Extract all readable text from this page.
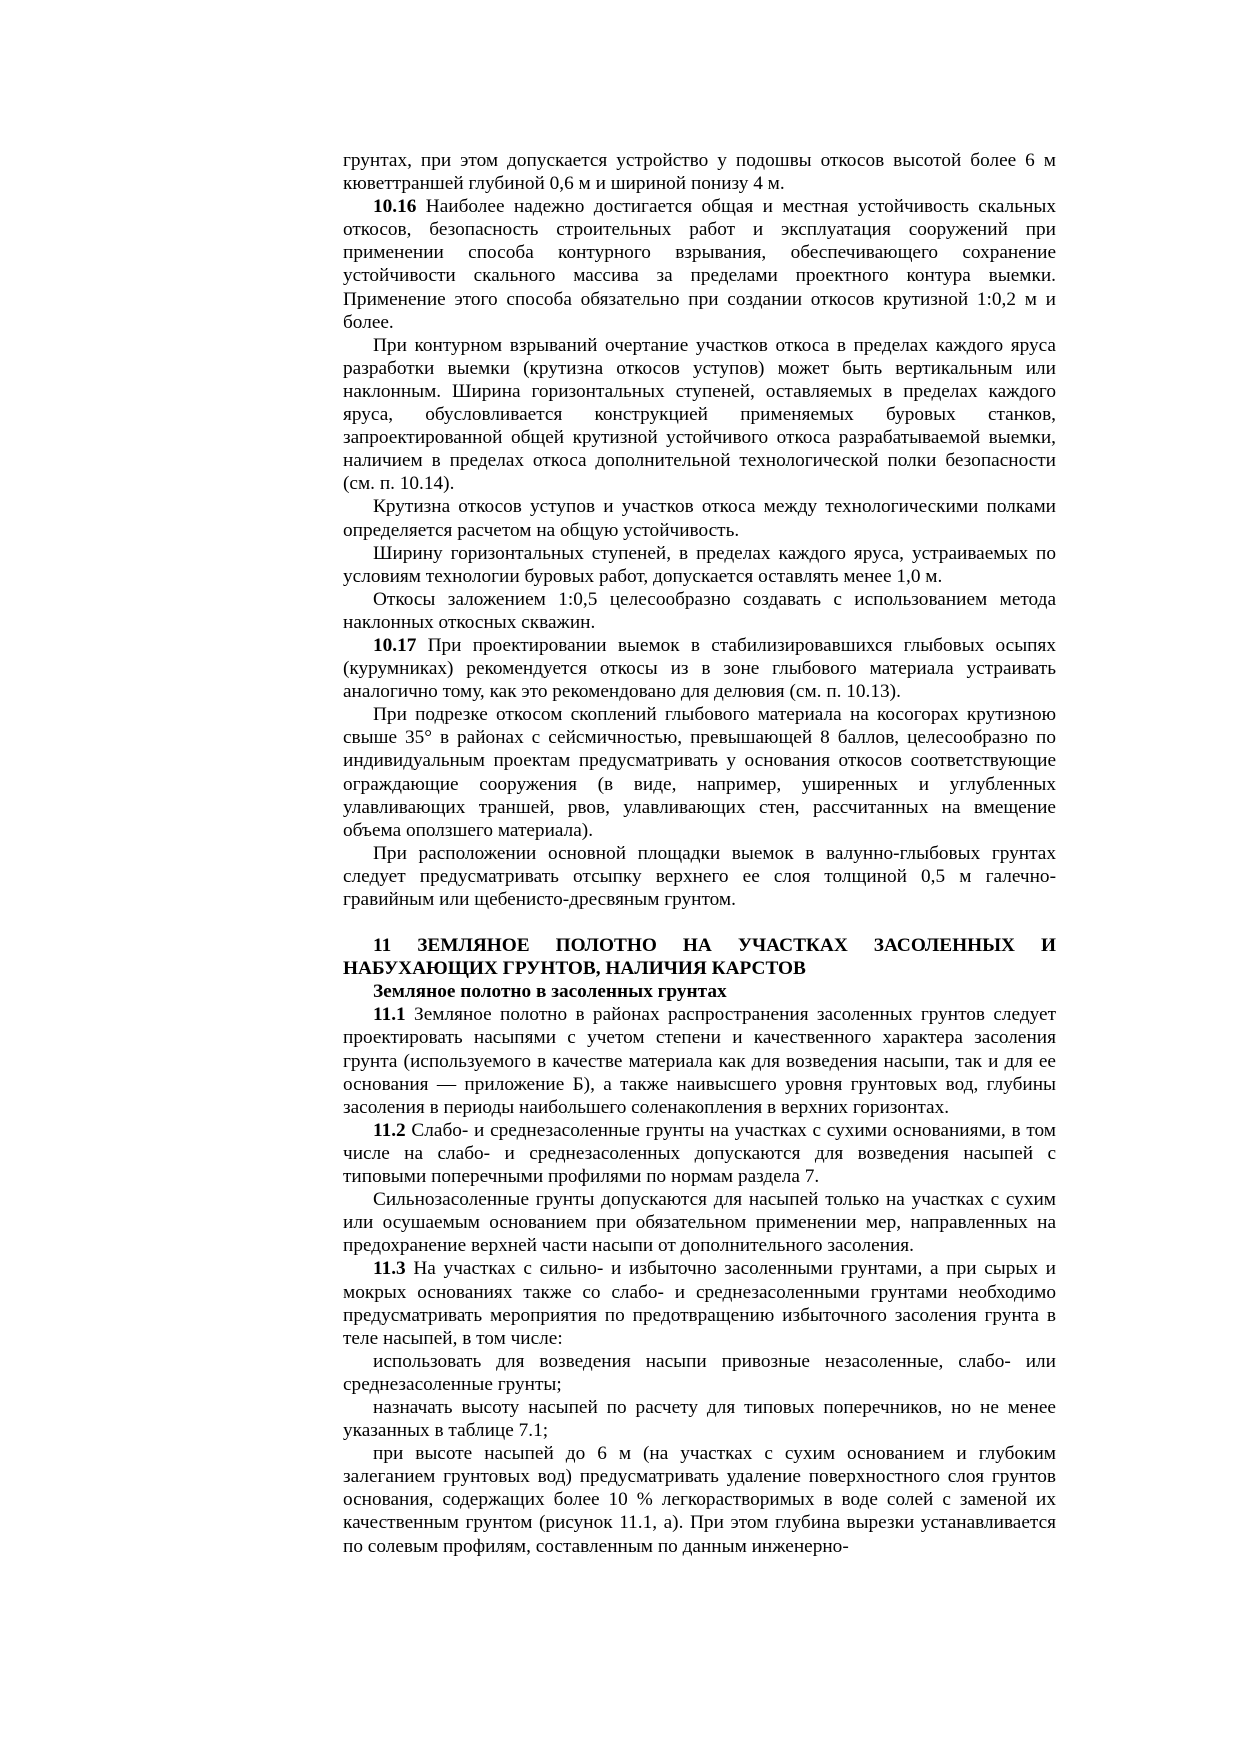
грунтах, при этом допускается устройство у подошвы откосов высотой более 6 м кюветтраншей глубиной 0,6 м и шириной понизу 4 м.

10.16 Наиболее надежно достигается общая и местная устойчивость скальных откосов, безопасность строительных работ и эксплуатация сооружений при применении способа контурного взрывания, обеспечивающего сохранение устойчивости скального массива за пределами проектного контура выемки. Применение этого способа обязательно при создании откосов крутизной 1:0,2 м и более.

При контурном взрываний очертание участков откоса в пределах каждого яруса разработки выемки (крутизна откосов уступов) может быть вертикальным или наклонным. Ширина горизонтальных ступеней, оставляемых в пределах каждого яруса, обусловливается конструкцией применяемых буровых станков, запроектированной общей крутизной устойчивого откоса разрабатываемой выемки, наличием в пределах откоса дополнительной технологической полки безопасности (см. п. 10.14).

Крутизна откосов уступов и участков откоса между технологическими полками определяется расчетом на общую устойчивость.

Ширину горизонтальных ступеней, в пределах каждого яруса, устраиваемых по условиям технологии буровых работ, допускается оставлять менее 1,0 м.

Откосы заложением 1:0,5 целесообразно создавать с использованием метода наклонных откосных скважин.

10.17 При проектировании выемок в стабилизировавшихся глыбовых осыпях (курумниках) рекомендуется откосы из в зоне глыбового материала устраивать аналогично тому, как это рекомендовано для делювия (см. п. 10.13).

При подрезке откосом скоплений глыбового материала на косогорах крутизною свыше 35° в районах с сейсмичностью, превышающей 8 баллов, целесообразно по индивидуальным проектам предусматривать у основания откосов соответствующие ограждающие сооружения (в виде, например, уширенных и углубленных улавливающих траншей, рвов, улавливающих стен, рассчитанных на вмещение объема оползшего материала).

При расположении основной площадки выемок в валунно-глыбовых грунтах следует предусматривать отсыпку верхнего ее слоя толщиной 0,5 м галечно-гравийным или щебенисто-дресвяным грунтом.

11 ЗЕМЛЯНОЕ ПОЛОТНО НА УЧАСТКАХ ЗАСОЛЕННЫХ И НАБУХАЮЩИХ ГРУНТОВ, НАЛИЧИЯ КАРСТОВ

Земляное полотно в засоленных грунтах

11.1 Земляное полотно в районах распространения засоленных грунтов следует проектировать насыпями с учетом степени и качественного характера засоления грунта (используемого в качестве материала как для возведения насыпи, так и для ее основания — приложение Б), а также наивысшего уровня грунтовых вод, глубины засоления в периоды наибольшего соленакопления в верхних горизонтах.

11.2 Слабо- и среднезасоленные грунты на участках с сухими основаниями, в том числе на слабо- и среднезасоленных допускаются для возведения насыпей с типовыми поперечными профилями по нормам раздела 7.

Сильнозасоленные грунты допускаются для насыпей только на участках с сухим или осушаемым основанием при обязательном применении мер, направленных на предохранение верхней части насыпи от дополнительного засоления.

11.3 На участках с сильно- и избыточно засоленными грунтами, а при сырых и мокрых основаниях также со слабо- и среднезасоленными грунтами необходимо предусматривать мероприятия по предотвращению избыточного засоления грунта в теле насыпей, в том числе:

использовать для возведения насыпи привозные незасоленные, слабо- или среднезасоленные грунты;

назначать высоту насыпей по расчету для типовых поперечников, но не менее указанных в таблице 7.1;

при высоте насыпей до 6 м (на участках с сухим основанием и глубоким залеганием грунтовых вод) предусматривать удаление поверхностного слоя грунтов основания, содержащих более 10 % легкорастворимых в воде солей с заменой их качественным грунтом (рисунок 11.1, а). При этом глубина вырезки устанавливается по солевым профилям, составленным по данным инженерно-
